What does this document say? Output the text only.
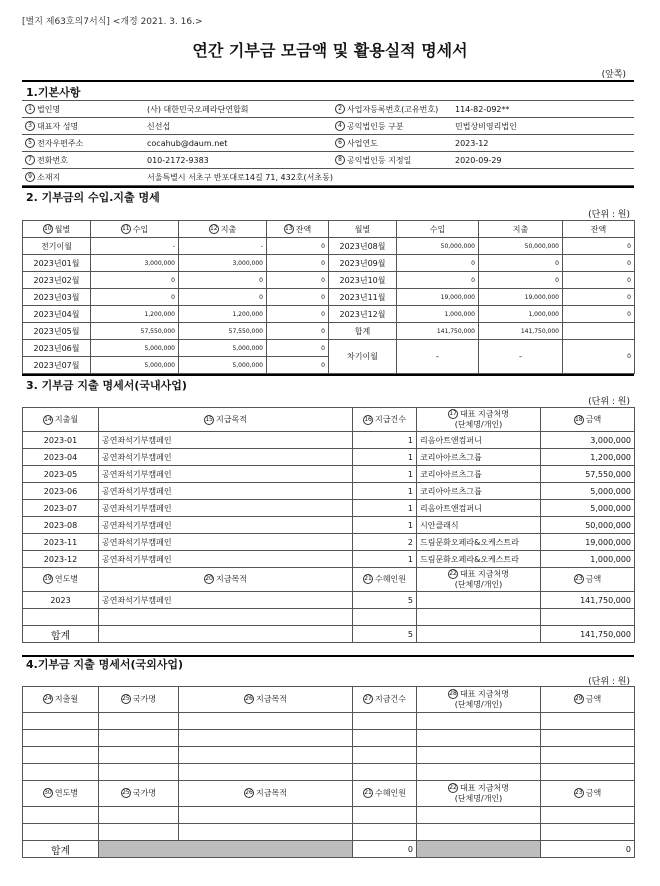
[별지 제63호의7서식] <개정 2021. 3. 16.>
연간 기부금 모금액 및 활용실적 명세서
(앞쪽)
1.기본사항
1 법인명	(사) 대한민국오페라단연합회	2 사업자등록번호(고유번호)	114-82-092**
3 대표자 성명	신선섭	4 공익법인등 구분	민법상비영리법인
5 전자우편주소	cocahub@daum.net	6 사업연도	2023-12
7 전화번호	010-2172-9383	8 공익법인등 지정일	2020-09-29
9 소재지	서울특별시 서초구 반포대로14길 71, 432호(서초동)		
2. 기부금의 수입.지출 명세
(단위 : 원)
10 월별	11 수입	12 지출	13 잔액	월별	수입	지출	잔액
전기이월	-	-	0	2023년08월	50,000,000	50,000,000	0
2023년01월	3,000,000	3,000,000	0	2023년09월	0	0	0
2023년02월	0	0	0	2023년10월	0	0	0
2023년03월	0	0	0	2023년11월	19,000,000	19,000,000	0
2023년04월	1,200,000	1,200,000	0	2023년12월	1,000,000	1,000,000	0
2023년05월	57,550,000	57,550,000	0	합계	141,750,000	141,750,000	
2023년06월	5,000,000	5,000,000	0	차기이월	-	-	0
2023년07월	5,000,000	5,000,000	0				
3. 기부금 지출 명세서(국내사업)
(단위 : 원)
14 지출월	15 지급목적	16 지급건수	17 대표 지급처명
(단체명/개인)	18 금액
2023-01	공연좌석기부캠페인	1	리음아트앤컴퍼니	3,000,000
2023-04	공연좌석기부캠페인	1	코리아아르츠그룹	1,200,000
2023-05	공연좌석기부캠페인	1	코리아아르츠그룹	57,550,000
2023-06	공연좌석기부캠페인	1	코리아아르츠그룹	5,000,000
2023-07	공연좌석기부캠페인	1	리음아트앤컴퍼니	5,000,000
2023-08	공연좌석기부캠페인	1	시안클래식	50,000,000
2023-11	공연좌석기부캠페인	2	드림문화오페라&오케스트라	19,000,000
2023-12	공연좌석기부캠페인	1	드림문화오페라&오케스트라	1,000,000
19 연도별	20 지급목적	21 수혜인원	22 대표 지급처명
(단체명/개인)	23 금액
2023	공연좌석기부캠페인	5		141,750,000

합계		5		141,750,000
4.기부금 지출 명세서(국외사업)
(단위 : 원)
24 지출월	25 국가명	26 지급목적	27 지급건수	28 대표 지급처명
(단체명/개인)	29 금액

30 연도별	25 국가명	26 지급목적	21 수혜인원	22 대표 지급처명
(단체명/개인)	23 금액

합계			0		0
